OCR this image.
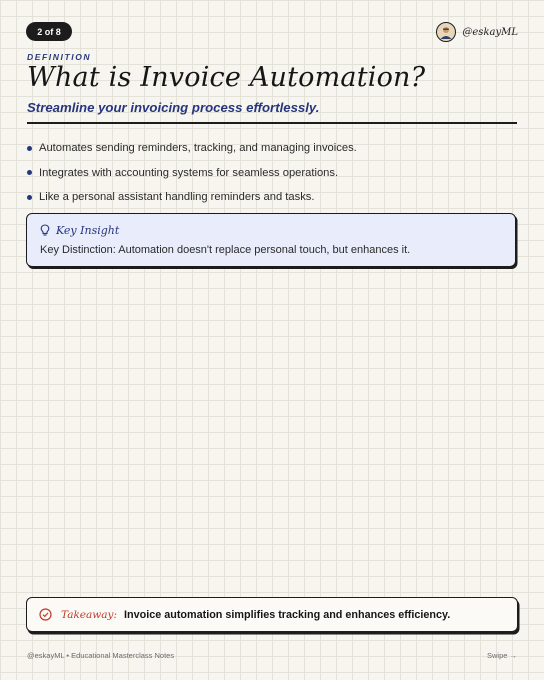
2 of 8	@eskayML
DEFINITION
What is Invoice Automation?
Streamline your invoicing process effortlessly.
Automates sending reminders, tracking, and managing invoices.
Integrates with accounting systems for seamless operations.
Like a personal assistant handling reminders and tasks.
Key Insight
Key Distinction: Automation doesn't replace personal touch, but enhances it.
Takeaway: Invoice automation simplifies tracking and enhances efficiency.
@eskayML • Educational Masterclass Notes	Swipe →
